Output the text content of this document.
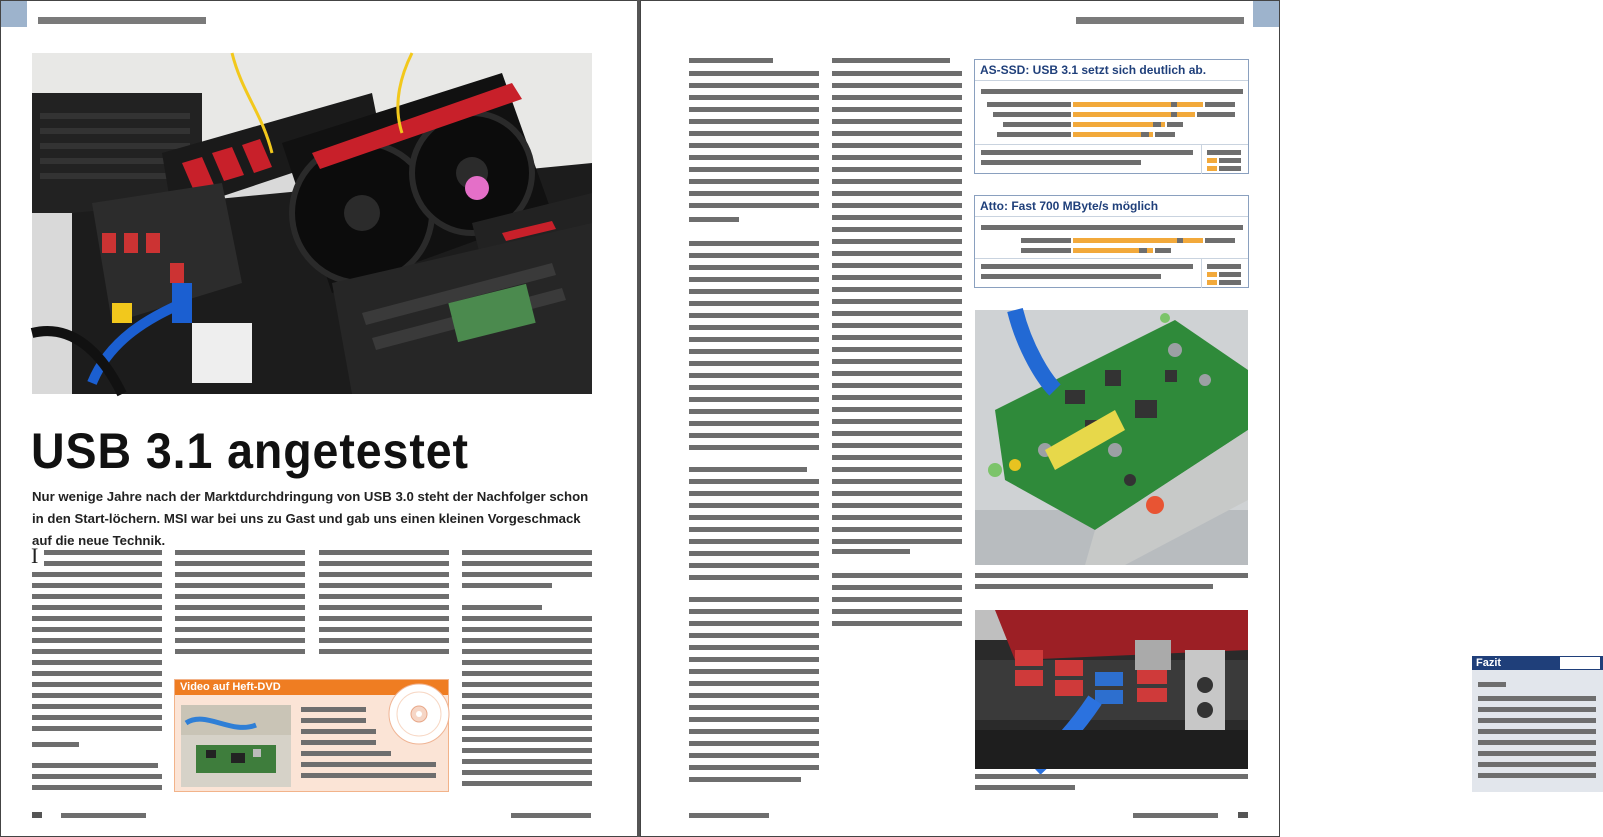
USB 3.1 angetestet
Nur wenige Jahre nach der Marktdurchdringung von USB 3.0 steht der Nachfolger schon in den Start-löchern. MSI war bei uns zu Gast und gab uns einen kleinen Vorgeschmack auf die neue Technik.
I
Video auf Heft-DVD
AS-SSD: USB 3.1 setzt sich deutlich ab.
Atto: Fast 700 MByte/s möglich
Fazit
